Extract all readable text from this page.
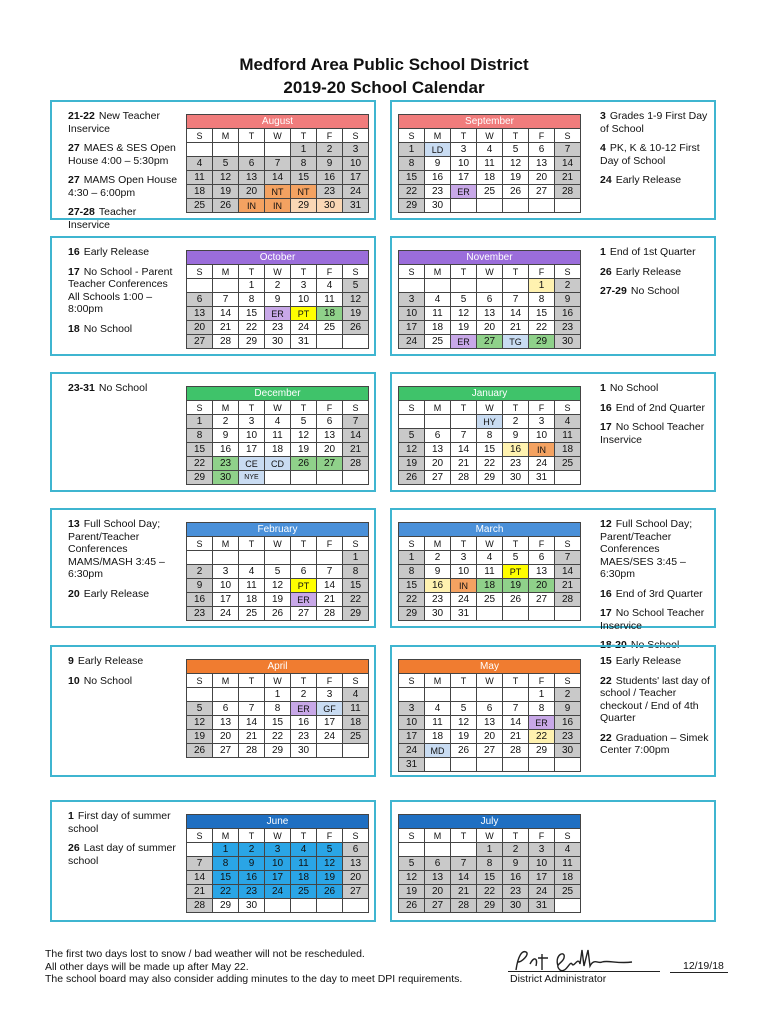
Medford Area Public School District
2019-20 School Calendar

21-22 New Teacher Inservice

27 MAES & SES Open House 4:00 – 5:30pm

27 MAMS Open House 4:30 – 6:00pm

27-28 Teacher Inservice

August						
S	M	T	W	T	F	S
				1	2	3
4	5	6	7	8	9	10
11	12	13	14	15	16	17
18	19	20	NT	NT	23	24
25	26	IN	IN	29	30	31

3 Grades 1-9 First Day of School

4 PK, K & 10-12 First Day of School

24 Early Release

September						
S	M	T	W	T	F	S
1	LD	3	4	5	6	7
8	9	10	11	12	13	14
15	16	17	18	19	20	21
22	23	ER	25	26	27	28
29	30					

16 Early Release

17 No School - Parent Teacher Conferences All Schools 1:00 – 8:00pm

18 No School

October						
S	M	T	W	T	F	S
		1	2	3	4	5
6	7	8	9	10	11	12
13	14	15	ER	PT	18	19
20	21	22	23	24	25	26
27	28	29	30	31		

1 End of 1st Quarter

26 Early Release

27-29 No School

November						
S	M	T	W	T	F	S
					1	2
3	4	5	6	7	8	9
10	11	12	13	14	15	16
17	18	19	20	21	22	23
24	25	ER	27	TG	29	30

23-31 No School	December						
S	M	T	W	T	F	S
1	2	3	4	5	6	7
8	9	10	11	12	13	14
15	16	17	18	19	20	21
22	23	CE	CD	26	27	28
29	30	NYE				

1 No School

16 End of 2nd Quarter

17 No School Teacher Inservice

January						
S	M	T	W	T	F	S
			HY	2	3	4
5	6	7	8	9	10	11
12	13	14	15	16	IN	18
19	20	21	22	23	24	25
26	27	28	29	30	31	

13 Full School Day; Parent/Teacher Conferences MAMS/MASH 3:45 – 6:30pm

20 Early Release

February						
S	M	T	W	T	F	S
						1
2	3	4	5	6	7	8
9	10	11	12	PT	14	15
16	17	18	19	ER	21	22
23	24	25	26	27	28	29

12 Full School Day; Parent/Teacher Conferences MAES/SES 3:45 – 6:30pm

16 End of 3rd Quarter

17 No School Teacher Inservice

18-20 No School

March						
S	M	T	W	T	F	S
1	2	3	4	5	6	7
8	9	10	11	PT	13	14
15	16	IN	18	19	20	21
22	23	24	25	26	27	28
29	30	31				

9 Early Release

10 No School

April						
S	M	T	W	T	F	S
			1	2	3	4
5	6	7	8	ER	GF	11
12	13	14	15	16	17	18
19	20	21	22	23	24	25
26	27	28	29	30		

15 Early Release

22 Students' last day of school / Teacher checkout / End of 4th Quarter

22 Graduation – Simek Center 7:00pm

May						
S	M	T	W	T	F	S
					1	2
3	4	5	6	7	8	9
10	11	12	13	14	ER	16
17	18	19	20	21	22	23
24	MD	26	27	28	29	30
31						

1 First day of summer school

26 Last day of summer school

June						
S	M	T	W	T	F	S
	1	2	3	4	5	6
7	8	9	10	11	12	13
14	15	16	17	18	19	20
21	22	23	24	25	26	27
28	29	30				
July						
S	M	T	W	T	F	S
			1	2	3	4
5	6	7	8	9	10	11
12	13	14	15	16	17	18
19	20	21	22	23	24	25
26	27	28	29	30	31	
The first two days lost to snow / bad weather will not be rescheduled.
All other days will be made up after May 22.
The school board may also consider adding minutes to the day to meet DPI requirements.	District Administrator
12/19/18
